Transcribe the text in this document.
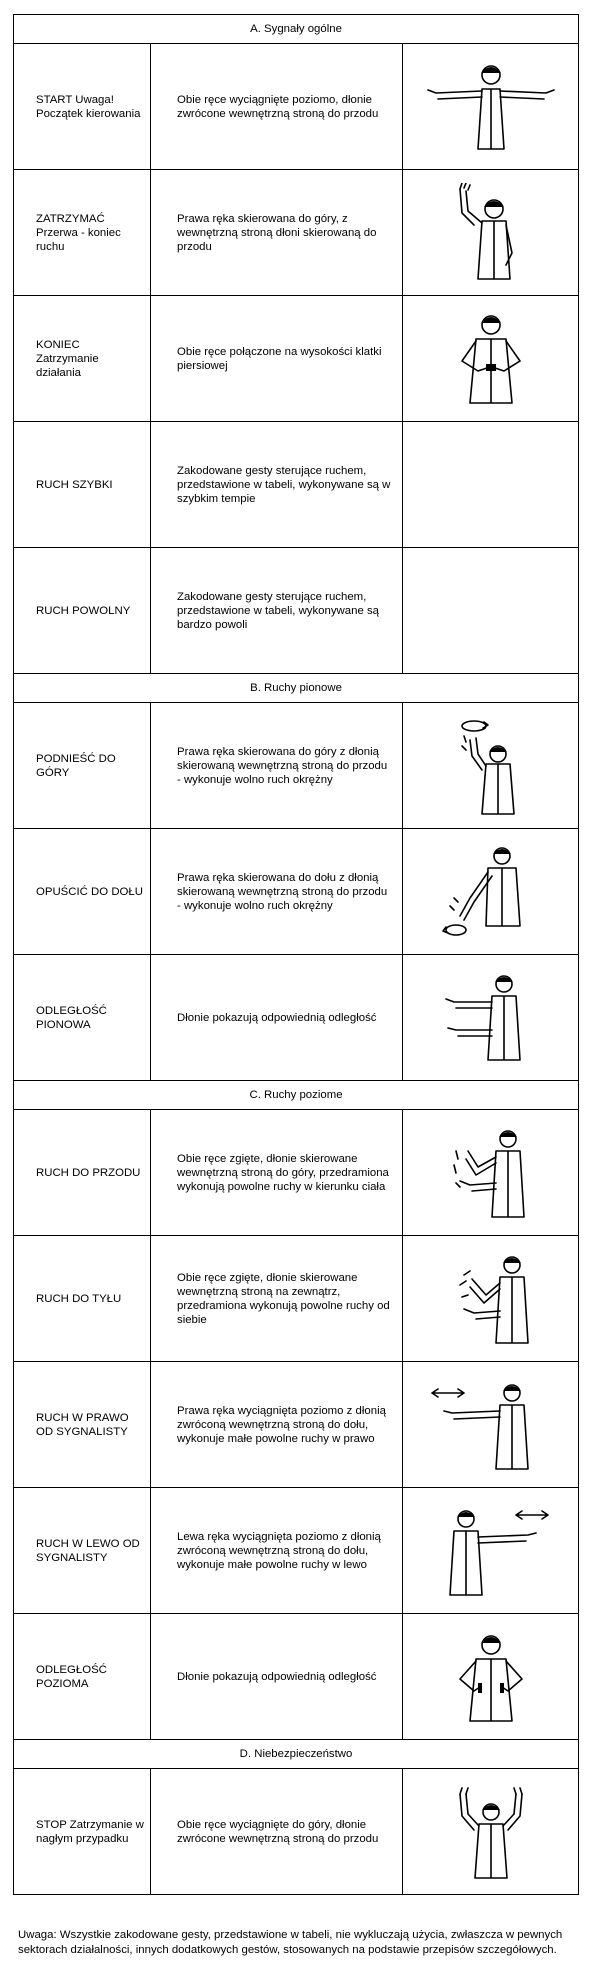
A. Sygnały ogólne		
START Uwaga! Początek kierowania	Obie ręce wyciągnięte poziomo, dłonie zwrócone wewnętrzną stroną do przodu	

ZATRZYMAĆ Przerwa - koniec ruchu	Prawa ręka skierowana do góry, z wewnętrzną stroną dłoni skierowaną do przodu	

KONIEC Zatrzymanie działania	Obie ręce połączone na wysokości klatki piersiowej	

RUCH SZYBKI	Zakodowane gesty sterujące ruchem, przedstawione w tabeli, wykonywane są w szybkim tempie	
RUCH POWOLNY	Zakodowane gesty sterujące ruchem, przedstawione w tabeli, wykonywane są bardzo powoli	
B. Ruchy pionowe		
PODNIEŚĆ DO GÓRY	Prawa ręka skierowana do góry z dłonią skierowaną wewnętrzną stroną do przodu - wykonuje wolno ruch okrężny	

OPUŚCIĆ DO DOŁU	Prawa ręka skierowana do dołu z dłonią skierowaną wewnętrzną stroną do przodu - wykonuje wolno ruch okrężny	

ODLEGŁOŚĆ PIONOWA	Dłonie pokazują odpowiednią odległość	

C. Ruchy poziome		
RUCH DO PRZODU	Obie ręce zgięte, dłonie skierowane wewnętrzną stroną do góry, przedramiona wykonują powolne ruchy w kierunku ciała	

RUCH DO TYŁU	Obie ręce zgięte, dłonie skierowane wewnętrzną stroną na zewnątrz, przedramiona wykonują powolne ruchy od siebie	

RUCH W PRAWO OD SYGNALISTY	Prawa ręka wyciągnięta poziomo z dłonią zwróconą wewnętrzną stroną do dołu, wykonuje małe powolne ruchy w prawo	

RUCH W LEWO OD SYGNALISTY	Lewa ręka wyciągnięta poziomo z dłonią zwróconą wewnętrzną stroną do dołu, wykonuje małe powolne ruchy w lewo	

ODLEGŁOŚĆ POZIOMA	Dłonie pokazują odpowiednią odległość	

D. Niebezpieczeństwo		
STOP Zatrzymanie w nagłym przypadku	Obie ręce wyciągnięte do góry, dłonie zwrócone wewnętrzną stroną do przodu	
Uwaga: Wszystkie zakodowane gesty, przedstawione w tabeli, nie wykluczają użycia, zwłaszcza w pewnych sektorach działalności, innych dodatkowych gestów, stosowanych na podstawie przepisów szczegółowych.
